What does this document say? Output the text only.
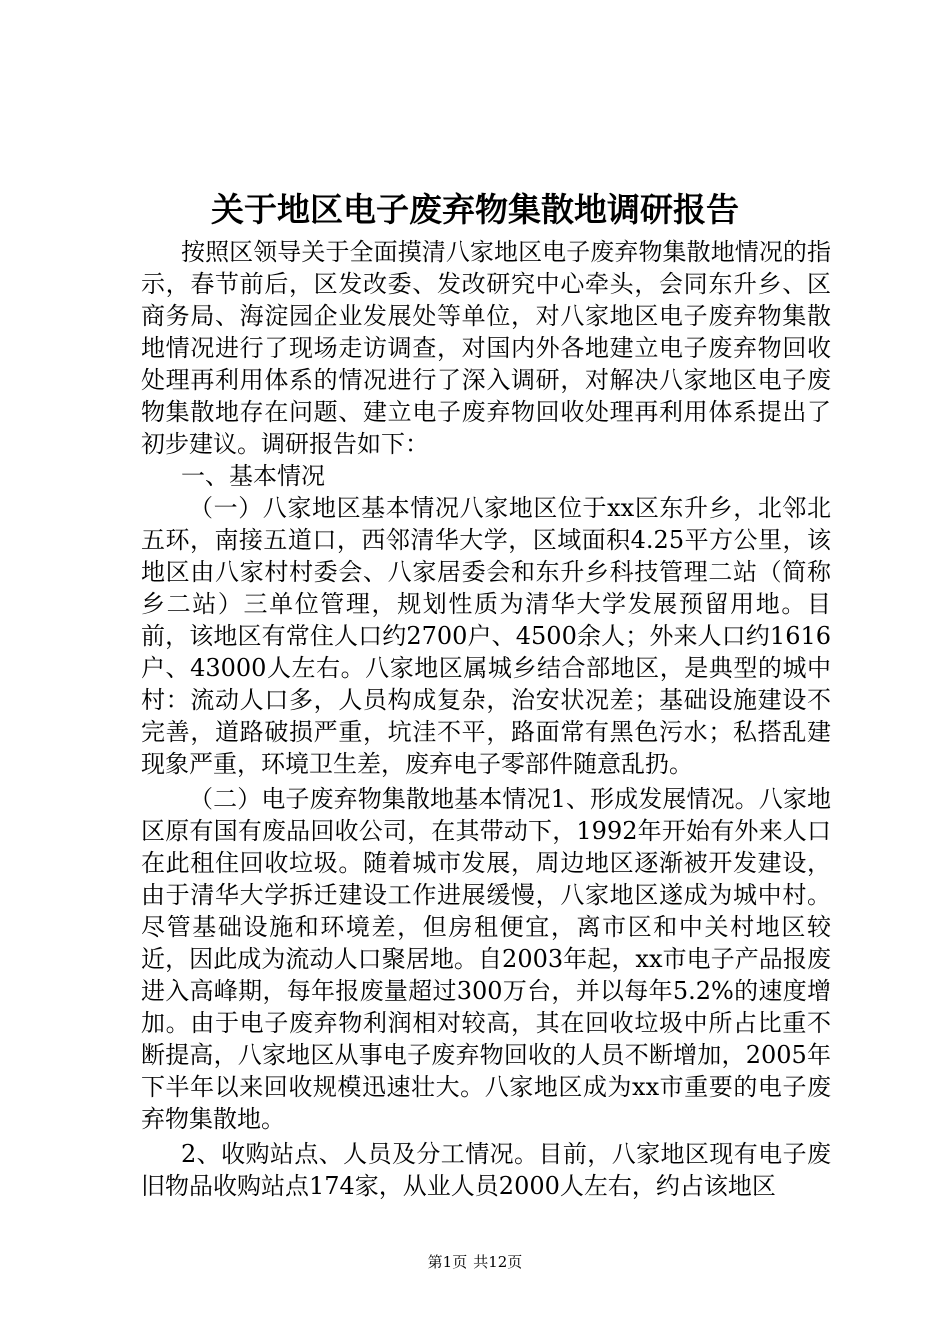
关于地区电子废弃物集散地调研报告

按照区领导关于全面摸清八家地区电子废弃物集散地情况的指示，春节前后，区发改委、发改研究中心牵头，会同东升乡、区商务局、海淀园企业发展处等单位，对八家地区电子废弃物集散地情况进行了现场走访调查，对国内外各地建立电子废弃物回收处理再利用体系的情况进行了深入调研，对解决八家地区电子废物集散地存在问题、建立电子废弃物回收处理再利用体系提出了初步建议。调研报告如下：

一、基本情况

（一）八家地区基本情况八家地区位于xx区东升乡，北邻北五环，南接五道口，西邻清华大学，区域面积4.25平方公里，该地区由八家村村委会、八家居委会和东升乡科技管理二站（简称乡二站）三单位管理，规划性质为清华大学发展预留用地。目前，该地区有常住人口约2700户、4500余人；外来人口约1616户、43000人左右。八家地区属城乡结合部地区，是典型的城中村：流动人口多，人员构成复杂，治安状况差；基础设施建设不完善，道路破损严重，坑洼不平，路面常有黑色污水；私搭乱建现象严重，环境卫生差，废弃电子零部件随意乱扔。

（二）电子废弃物集散地基本情况1、形成发展情况。八家地区原有国有废品回收公司，在其带动下，1992年开始有外来人口在此租住回收垃圾。随着城市发展，周边地区逐渐被开发建设，由于清华大学拆迁建设工作进展缓慢，八家地区遂成为城中村。尽管基础设施和环境差，但房租便宜，离市区和中关村地区较近，因此成为流动人口聚居地。自2003年起，xx市电子产品报废进入高峰期，每年报废量超过300万台，并以每年5.2%的速度增加。由于电子废弃物利润相对较高，其在回收垃圾中所占比重不断提高，八家地区从事电子废弃物回收的人员不断增加，2005年下半年以来回收规模迅速壮大。八家地区成为xx市重要的电子废弃物集散地。

2、收购站点、人员及分工情况。目前，八家地区现有电子废旧物品收购站点174家，从业人员2000人左右，约占该地区

第1页 共12页
